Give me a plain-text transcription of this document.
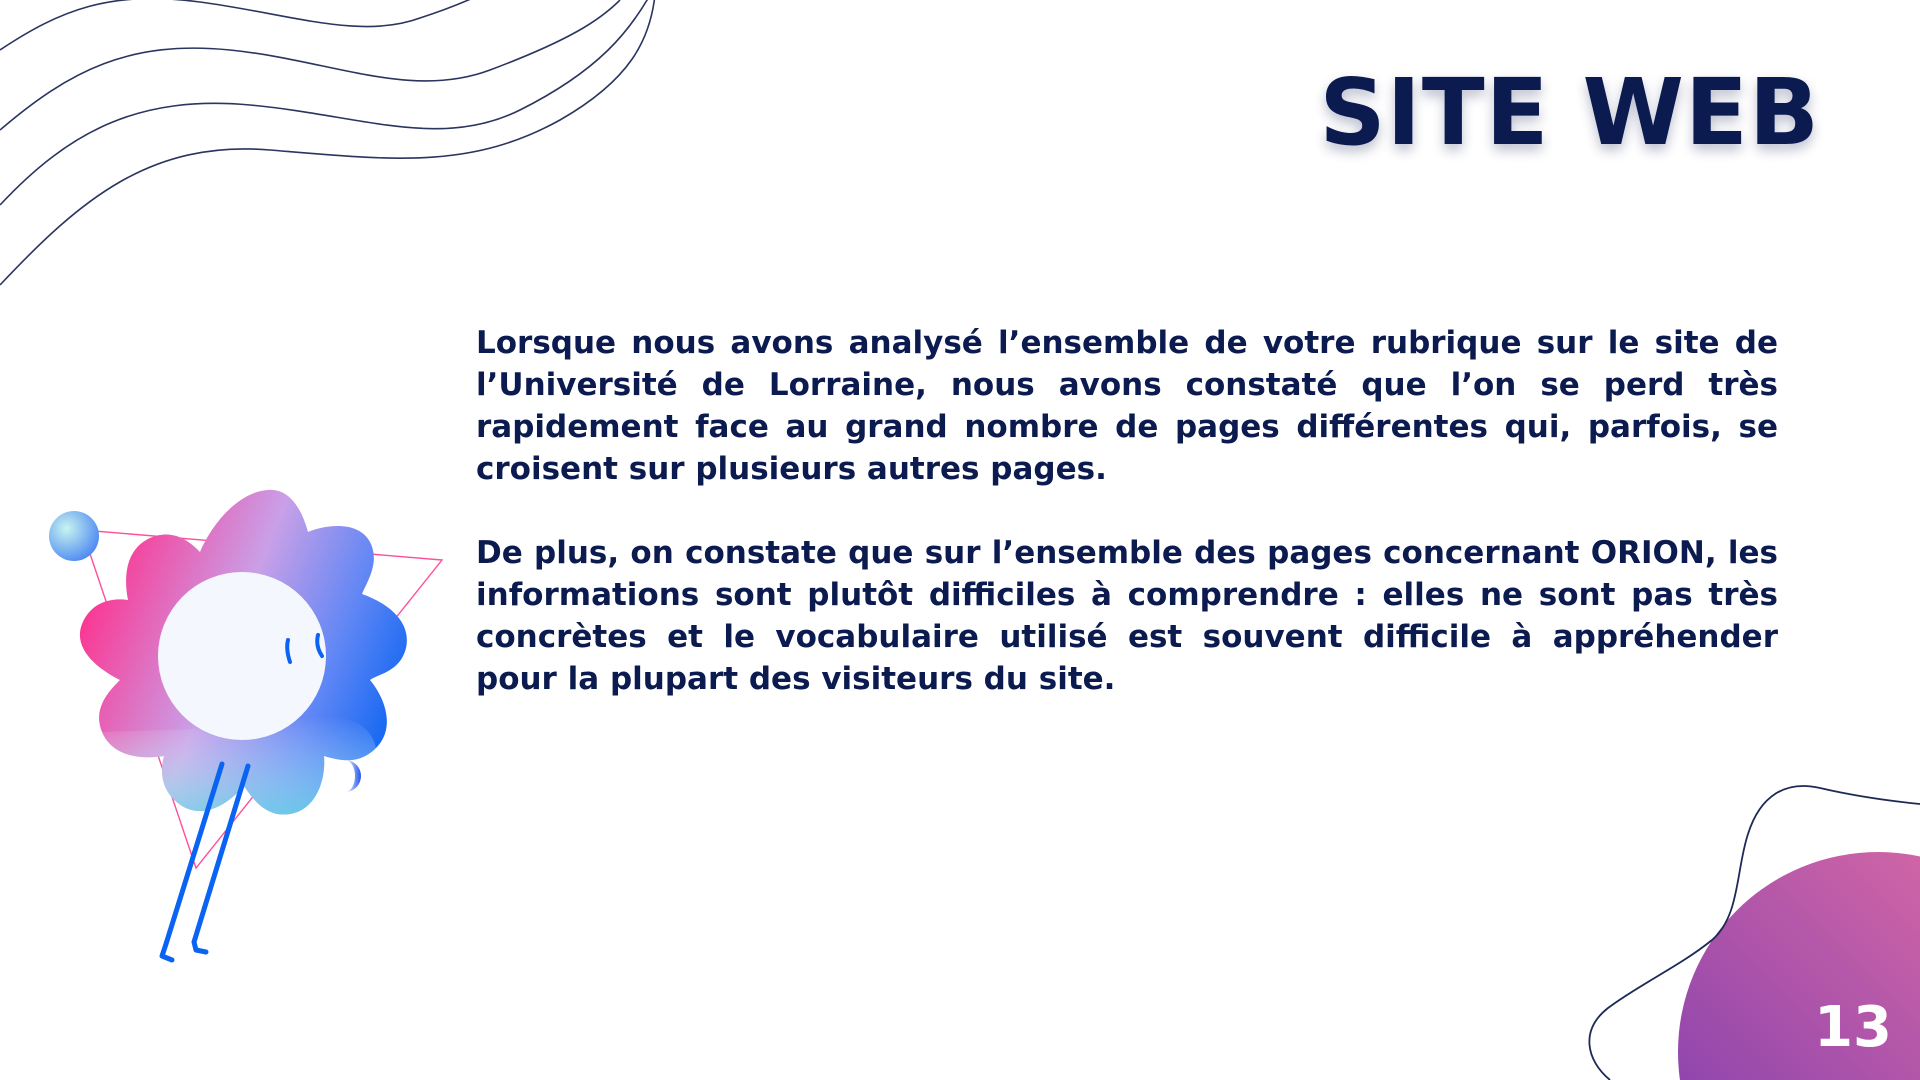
SITE WEB

Lorsque nous avons analysé l’ensemble de votre rubrique sur le site de l’Université de Lorraine, nous avons constaté que l’on se perd très rapidement face au grand nombre de pages différentes qui, parfois, se croisent sur plusieurs autres pages.

De plus, on constate que sur l’ensemble des pages concernant ORION, les informations sont plutôt difficiles à comprendre : elles ne sont pas très concrètes et le vocabulaire utilisé est souvent difficile à appréhender pour la plupart des visiteurs du site.

13
